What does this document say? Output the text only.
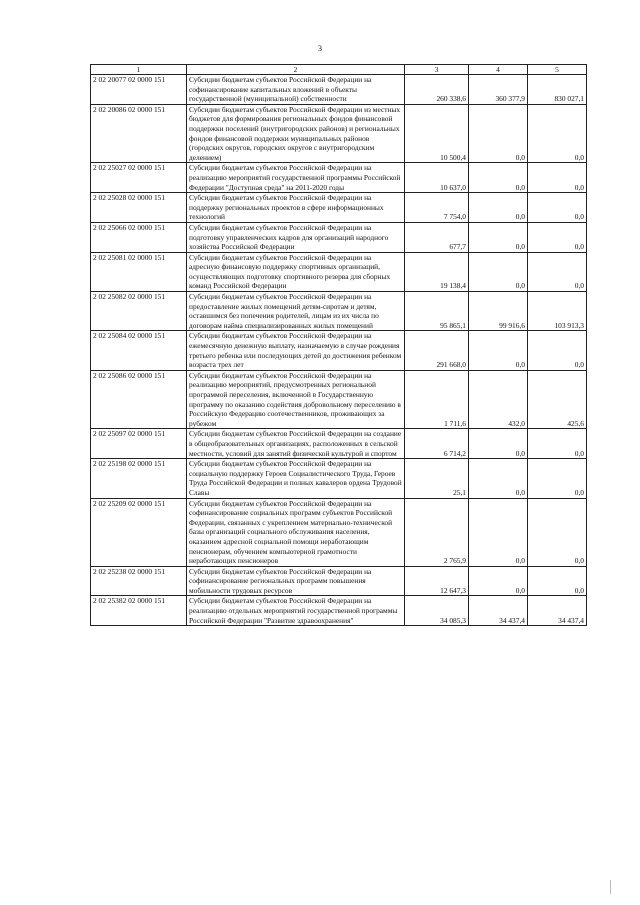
3
1	2	3	4	5
2 02 20077 02 0000 151	Субсидии бюджетам субъектов Российской Федерации на софинансирование капитальных вложений в объекты государственной (муниципальной) собственности	260 338,6	360 377,9	830 027,1
2 02 20086 02 0000 151	Субсидии бюджетам субъектов Российской Федерации из местных бюджетов для формирования региональных фондов финансовой поддержки поселений (внутригородских районов) и региональных фондов финансовой поддержки муниципальных районов (городских округов, городских округов с внутригородским делением)	10 500,4	0,0	0,0
2 02 25027 02 0000 151	Субсидии бюджетам субъектов Российской Федерации на реализацию мероприятий государственной программы Российской Федерации "Доступная среда" на 2011-2020 годы	10 637,0	0,0	0,0
2 02 25028 02 0000 151	Субсидии бюджетам субъектов Российской Федерации на поддержку региональных проектов в сфере информационных технологий	7 754,0	0,0	0,0
2 02 25066 02 0000 151	Субсидии бюджетам субъектов Российской Федерации на подготовку управленческих кадров для организаций народного хозяйства Российской Федерации	677,7	0,0	0,0
2 02 25081 02 0000 151	Субсидии бюджетам субъектов Российской Федерации на адресную финансовую поддержку спортивных организаций, осуществляющих подготовку спортивного резерва для сборных команд Российской Федерации	19 138,4	0,0	0,0
2 02 25082 02 0000 151	Субсидии бюджетам субъектов Российской Федерации на предоставление жилых помещений детям-сиротам и детям, оставшимся без попечения родителей, лицам из их числа по договорам найма специализированных жилых помещений	95 865,1	99 916,6	103 913,3
2 02 25084 02 0000 151	Субсидии бюджетам субъектов Российской Федерации на ежемесячную денежную выплату, назначаемую в случае рождения третьего ребенка или последующих детей до достижения ребенком возраста трех лет	291 668,0	0,0	0,0
2 02 25086 02 0000 151	Субсидии бюджетам субъектов Российской Федерации на реализацию мероприятий, предусмотренных региональной программой переселения, включенной в Государственную программу по оказанию содействия добровольному переселению в Российскую Федерацию соотечественников, проживающих за рубежом	1 711,6	432,0	425,6
2 02 25097 02 0000 151	Субсидии бюджетам субъектов Российской Федерации на создание в общеобразовательных организациях, расположенных в сельской местности, условий для занятий физической культурой и спортом	6 714,2	0,0	0,0
2 02 25198 02 0000 151	Субсидии бюджетам субъектов Российской Федерации на социальную поддержку Героев Социалистического Труда, Героев Труда Российской Федерации и полных кавалеров ордена Трудовой Славы	25,1	0,0	0,0
2 02 25209 02 0000 151	Субсидии бюджетам субъектов Российской Федерации на софинансирование социальных программ субъектов Российской Федерации, связанных с укреплением материально-технической базы организаций социального обслуживания населения, оказанием адресной социальной помощи неработающим пенсионерам, обучением компьютерной грамотности неработающих пенсионеров	2 765,9	0,0	0,0
2 02 25238 02 0000 151	Субсидии бюджетам субъектов Российской Федерации на софинансирование региональных программ повышения мобильности трудовых ресурсов	12 647,3	0,0	0,0
2 02 25382 02 0000 151	Субсидии бюджетам субъектов Российской Федерации на реализацию отдельных мероприятий государственной программы Российской Федерации "Развитие здравоохранения"	34 085,3	34 437,4	34 437,4
